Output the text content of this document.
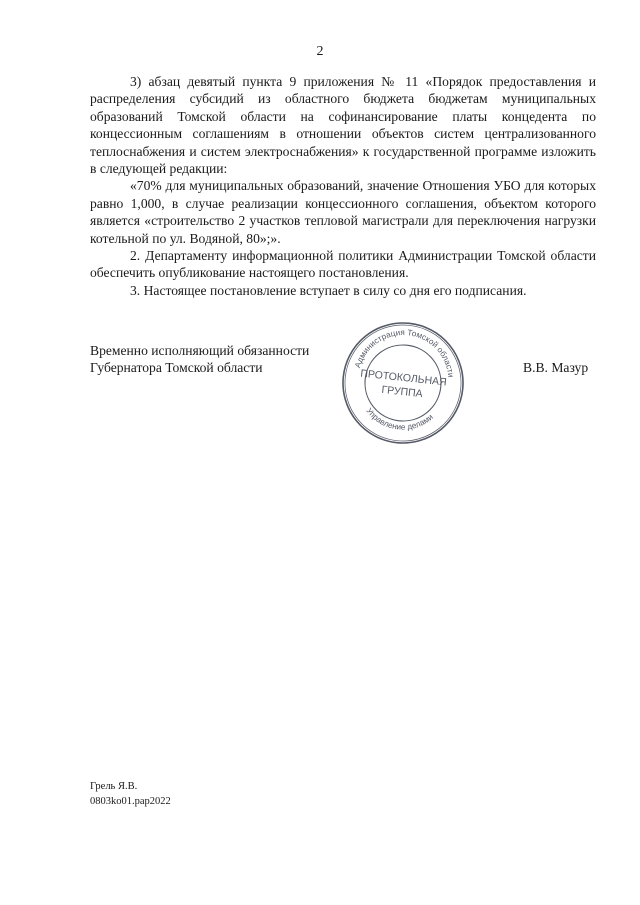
2

3) абзац девятый пункта 9 приложения № 11 «Порядок предоставления и распределения субсидий из областного бюджета бюджетам муниципальных образований Томской области на софинансирование платы концедента по концессионным соглашениям в отношении объектов систем централизованного теплоснабжения и систем электроснабжения» к государственной программе изложить в следующей редакции:

«70% для муниципальных образований, значение Отношения УБО для которых равно 1,000, в случае реализации концессионного соглашения, объектом которого является «строительство 2 участков тепловой магистрали для переключения нагрузки котельной по ул. Водяной, 80»;».

2. Департаменту информационной политики Администрации Томской области обеспечить опубликование настоящего постановления.

3. Настоящее постановление вступает в силу со дня его подписания.

Временно исполняющий обязанности
Губернатора Томской области	В.В. Мазур
Администрация Томской области
Управление делами
ПРОТОКОЛЬНАЯ
ГРУППА
Грель Я.В.
0803ko01.pap2022
